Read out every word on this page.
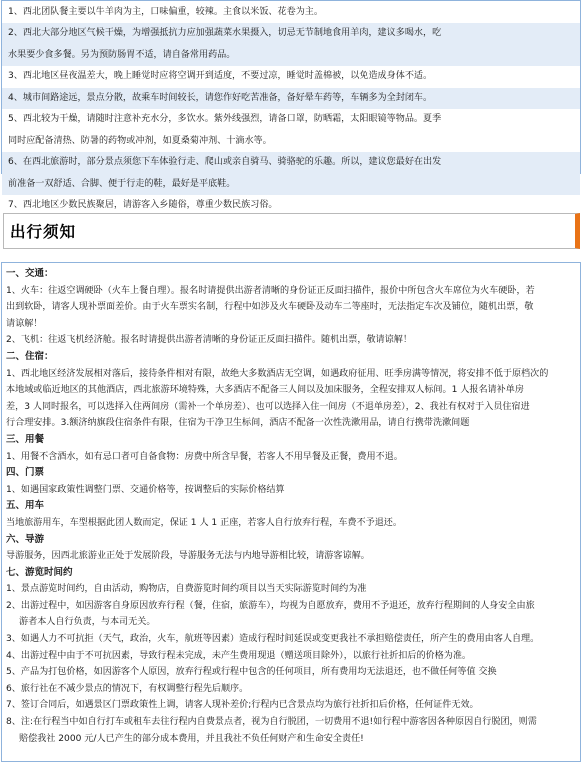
1、西北团队餐主要以牛羊肉为主，口味偏重，较辣。主食以米饭、花卷为主。
2、西北大部分地区气候干燥，为增强抵抗力应加强蔬菜水果摄入，切忌无节制地食用羊肉，建议多喝水，吃
水果要少食多餐。另为预防肠胃不适，请自备常用药品。
3、西北地区昼夜温差大，晚上睡觉时应将空调开到适度，不要过凉，睡觉时盖棉被，以免造成身体不适。
4、城市间路途远，景点分散，故乘车时间较长，请您作好吃苦准备，备好晕车药等，车辆多为全封闭车。
5、西北较为干燥，请随时注意补充水分，多饮水。紫外线强烈，请备口罩，防晒霜，太阳眼镜等物品。夏季
同时应配备清热、防暑的药物或冲剂，如夏桑菊冲剂、十滴水等。
6、在西北旅游时，部分景点须您下车体验行走、爬山或亲自骑马、骑骆驼的乐趣。所以，建议您最好在出发
前准备一双舒适、合脚、便于行走的鞋，最好是平底鞋。
7、西北地区少数民族聚居，请游客入乡随俗，尊重少数民族习俗。
出行须知
一、交通：
1、火车：往返空调硬卧（火车上餐自理）。报名时请提供出游者清晰的身份证正反面扫描件，报价中所包含火车席位为火车硬卧，若
出到软卧，请客人现补票面差价。由于火车票实名制，行程中如涉及火车硬卧及动车二等座时，无法指定车次及铺位，随机出票，敬
请谅解！
2、飞机：往返飞机经济舱。报名时请提供出游者清晰的身份证正反面扫描件。随机出票，敬请谅解！
二、住宿：
1、西北地区经济发展相对落后，接待条件相对有限，故绝大多数酒店无空调，如遇政府征用、旺季房满等情况，将安排不低于原档次的
本地域或临近地区的其他酒店，西北旅游环境特殊，大多酒店不配备三人间以及加床服务，全程安排双人标间。1 人报名请补单房
差，3 人同时报名，可以选择入住两间房（需补一个单房差）、也可以选择入住一间房（不退单房差），2、我社有权对于入员住宿进
行合理安排。3.额济纳旗段住宿条件有限，住宿为干净卫生标间，酒店不配备一次性洗漱用品，请自行携带洗漱间题
三、用餐
1、用餐不含酒水，如有忌口者可自备食物：房费中所含早餐，若客人不用早餐及正餐，费用不退。
四、门票
1、如遇国家政策性调整门票、交通价格等，按调整后的实际价格结算
五、用车
当地旅游用车，车型根据此团人数而定，保证 1 人 1 正座，若客人自行放弃行程，车费不予退还。
六、导游
导游服务，因西北旅游业正处于发展阶段，导游服务无法与内地导游相比较，请游客谅解。
七、游览时间约
1、景点游览时间约，自由活动，购物店，自费游览时间约项目以当天实际游览时间约为准
2、出游过程中，如因游客自身原因放弃行程（餐，住宿，旅游车），均视为自愿放弃，费用不予退还，放弃行程期间的人身安全由旅
游者本人自行负责，与本司无关。
3、如遇人力不可抗拒（天气，政治，火车，航班等因素）造成行程时间延误或变更我社不承担赔偿责任，所产生的费用由客人自理。
4、出游过程中由于不可抗因素，导致行程未完成，未产生费用现退（赠送项目除外），以旅行社折扣后的价格为准。
5、产品为打包价格，如因游客个人原因，放弃行程或行程中包含的任何项目，所有费用均无法退还，也不做任何等值 交换
6、旅行社在不减少景点的情况下，有权调整行程先后顺序。
7、签订合同后，如遇景区门票政策性上调，请客人现补差价;行程内已含景点均为旅行社折扣后价格，任何证件无效。
8、注:在行程当中如自行打车或租车去往行程内自费景点者，视为自行脱团，一切费用不退!如行程中游客因各种原因自行脱团，则需
赔偿我社 2000 元/人已产生的部分成本费用，并且我社不负任何财产和生命安全责任!
